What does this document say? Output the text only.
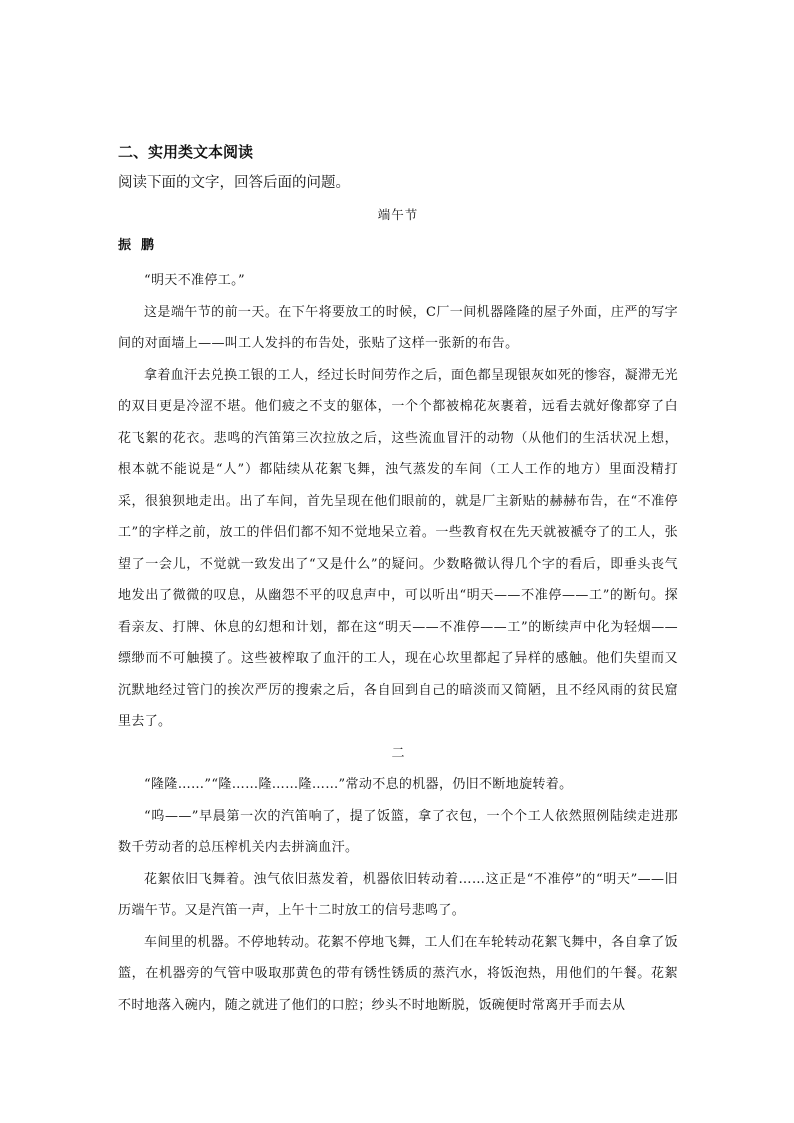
二、实用类文本阅读
阅读下面的文字，回答后面的问题。
端午节
振鹏

“明天不准停工。”

这是端午节的前一天。在下午将要放工的时候，C厂一间机器隆隆的屋子外面，庄严的写字间的对面墙上——叫工人发抖的布告处，张贴了这样一张新的布告。

拿着血汗去兑换工银的工人，经过长时间劳作之后，面色都呈现银灰如死的惨容，凝滞无光的双目更是冷涩不堪。他们疲之不支的躯体，一个个都被棉花灰裹着，远看去就好像都穿了白花飞絮的花衣。悲鸣的汽笛第三次拉放之后，这些流血冒汗的动物（从他们的生活状况上想，根本就不能说是“人”）都陆续从花絮飞舞，浊气蒸发的车间（工人工作的地方）里面没精打采，很狼狈地走出。出了车间，首先呈现在他们眼前的，就是厂主新贴的赫赫布告，在“不准停工”的字样之前，放工的伴侣们都不知不觉地呆立着。一些教育权在先天就被褫夺了的工人，张望了一会儿，不觉就一致发出了“又是什么”的疑问。少数略微认得几个字的看后，即垂头丧气地发出了微微的叹息，从幽怨不平的叹息声中，可以听出“明天——不准停——工”的断句。探看亲友、打牌、休息的幻想和计划，都在这“明天——不准停——工”的断续声中化为轻烟——缥缈而不可触摸了。这些被榨取了血汗的工人，现在心坎里都起了异样的感触。他们失望而又沉默地经过管门的挨次严厉的搜索之后，各自回到自己的暗淡而又简陋，且不经风雨的贫民窟里去了。

二

“隆隆……”“隆……隆……隆……”常动不息的机器，仍旧不断地旋转着。

“呜——”早晨第一次的汽笛响了，提了饭篮，拿了衣包，一个个工人依然照例陆续走进那数千劳动者的总压榨机关内去拼滴血汗。

花絮依旧飞舞着。浊气依旧蒸发着，机器依旧转动着……这正是“不准停”的“明天”——旧历端午节。又是汽笛一声，上午十二时放工的信号悲鸣了。

车间里的机器。不停地转动。花絮不停地飞舞，工人们在车轮转动花絮飞舞中，各自拿了饭篮，在机器旁的气管中吸取那黄色的带有锈性锈质的蒸汽水，将饭泡热，用他们的午餐。花絮不时地落入碗内，随之就进了他们的口腔；纱头不时地断脱，饭碗便时常离开手而去从
